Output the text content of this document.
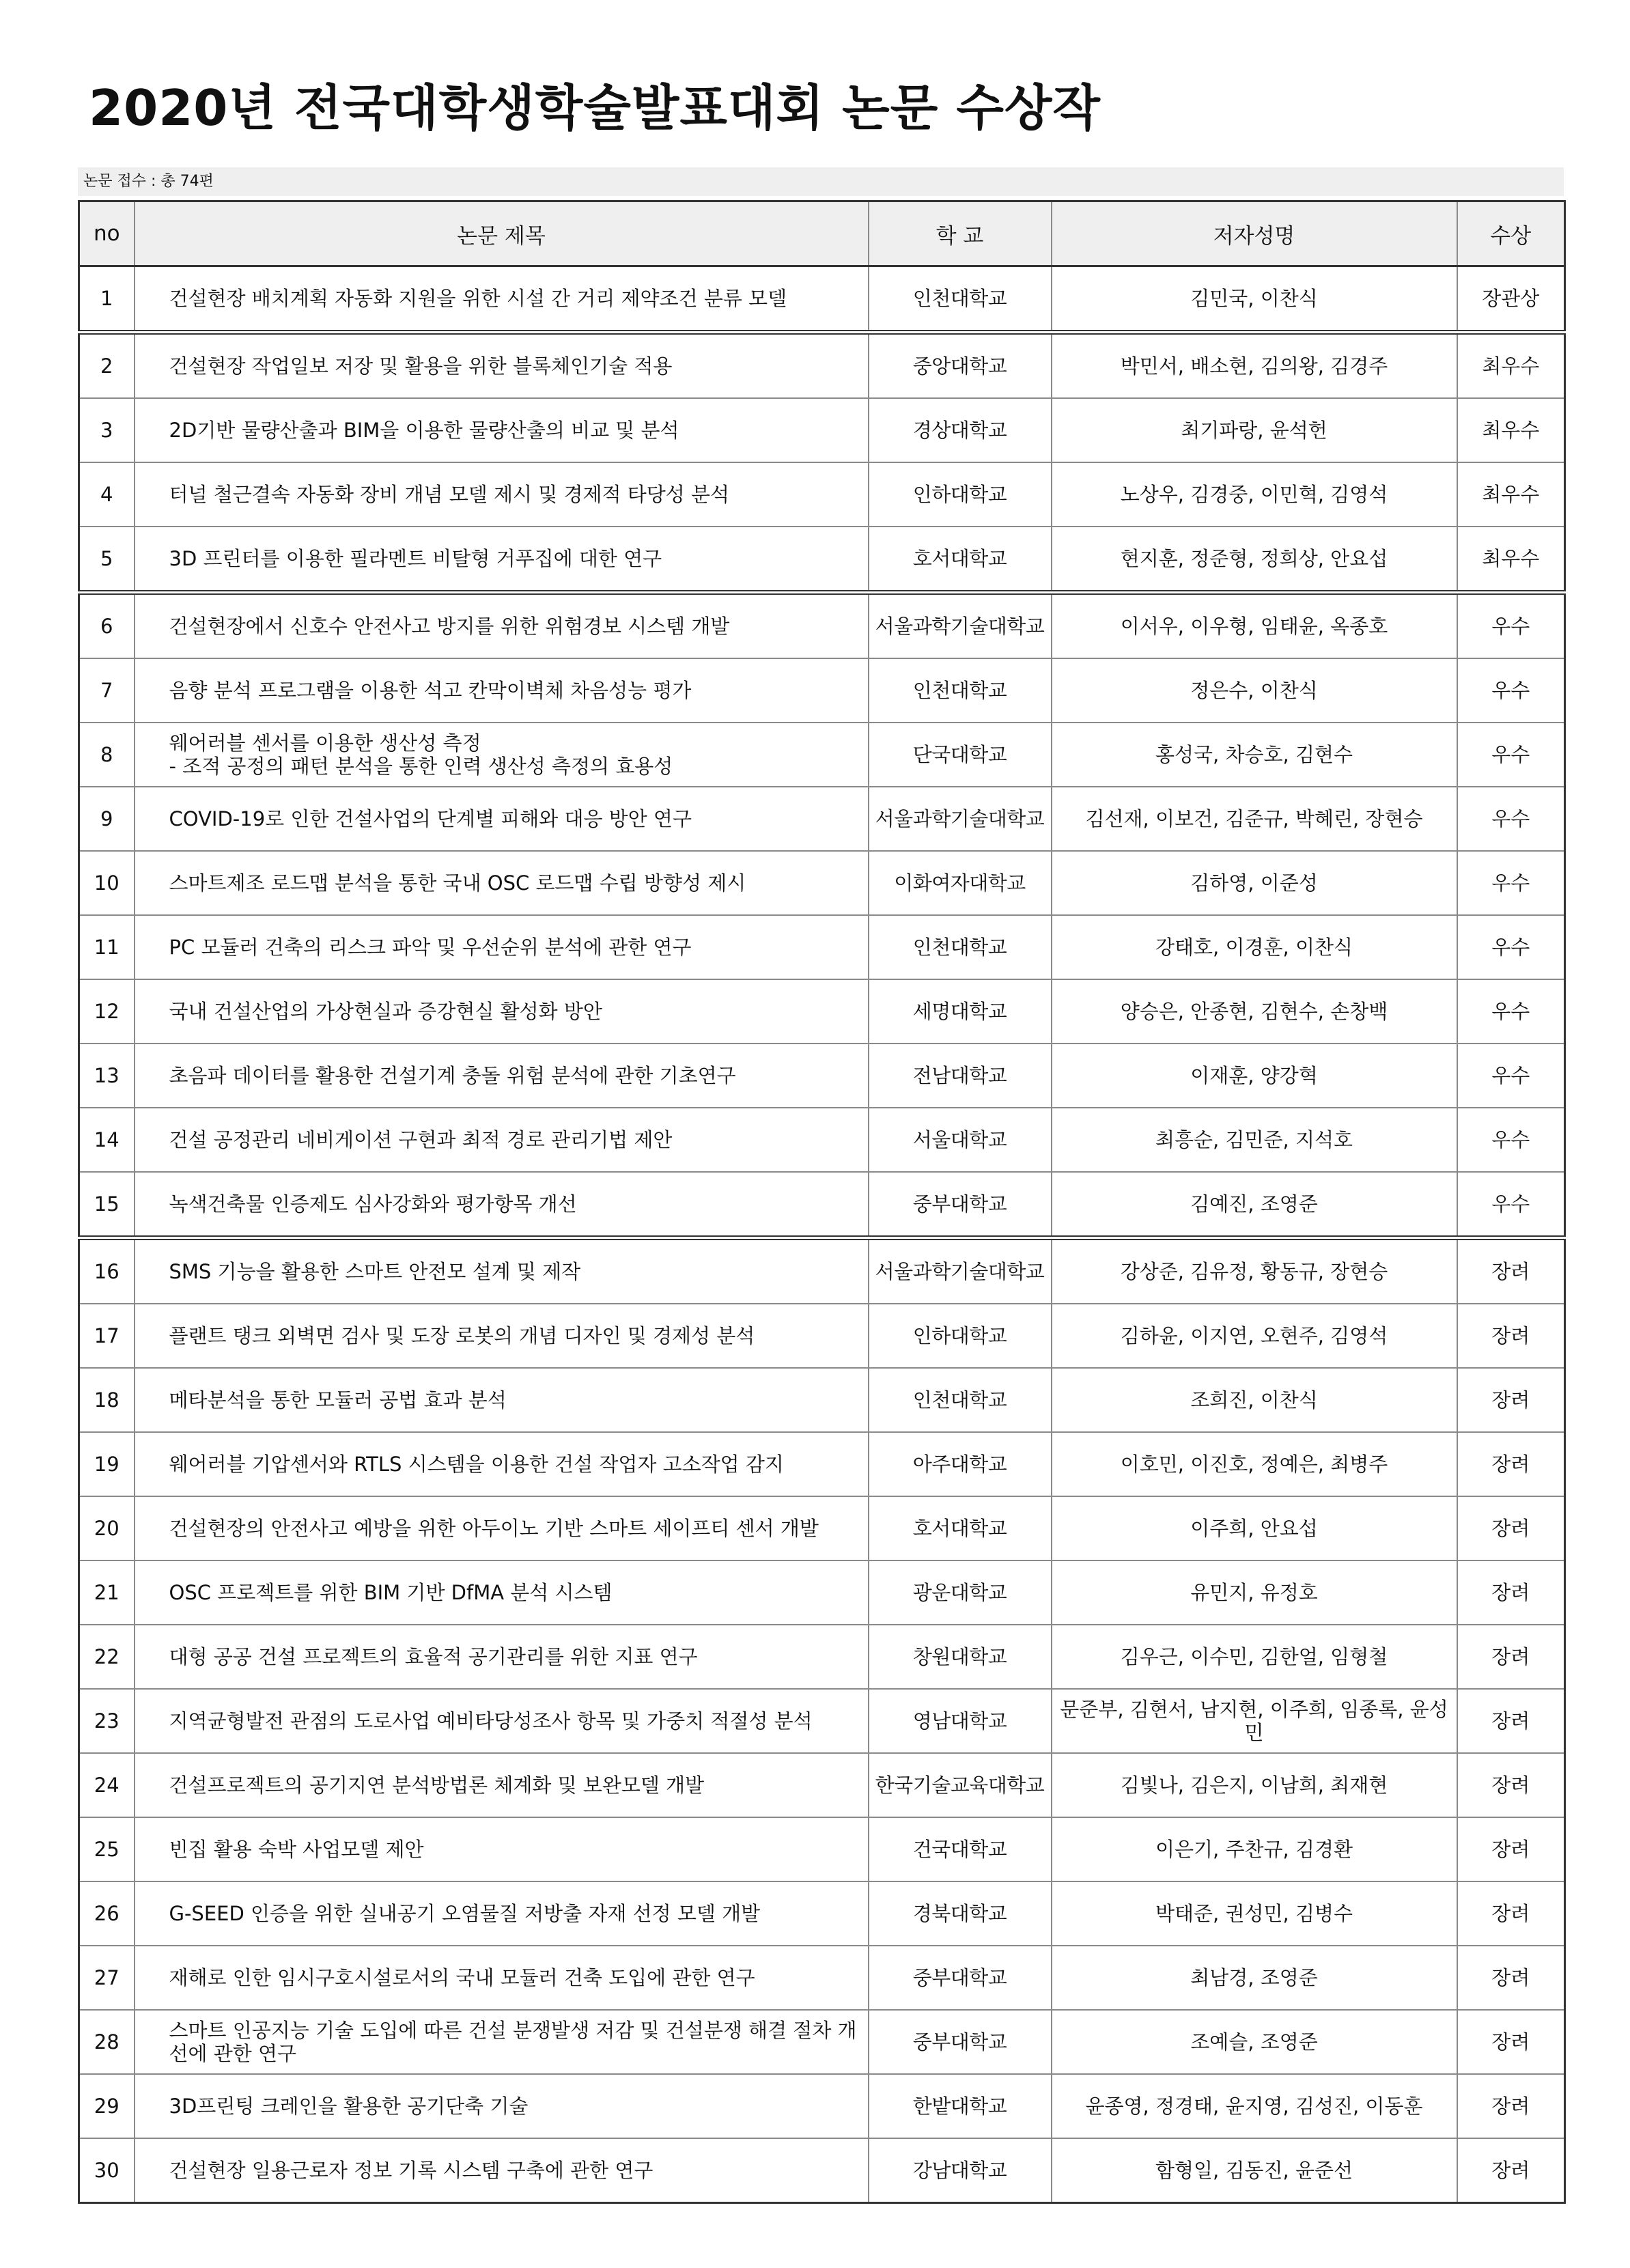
2020년 전국대학생학술발표대회 논문 수상작
논문 접수 : 총 74편
no	논문 제목	학 교	저자성명	수상
1	건설현장 배치계획 자동화 지원을 위한 시설 간 거리 제약조건 분류 모델	인천대학교	김민국, 이찬식	장관상
2	건설현장 작업일보 저장 및 활용을 위한 블록체인기술 적용	중앙대학교	박민서, 배소현, 김의왕, 김경주	최우수
3	2D기반 물량산출과 BIM을 이용한 물량산출의 비교 및 분석	경상대학교	최기파랑, 윤석헌	최우수
4	터널 철근결속 자동화 장비 개념 모델 제시 및 경제적 타당성 분석	인하대학교	노상우, 김경중, 이민혁, 김영석	최우수
5	3D 프린터를 이용한 필라멘트 비탈형 거푸집에 대한 연구	호서대학교	현지훈, 정준형, 정희상, 안요섭	최우수
6	건설현장에서 신호수 안전사고 방지를 위한 위험경보 시스템 개발	서울과학기술대학교	이서우, 이우형, 임태윤, 옥종호	우수
7	음향 분석 프로그램을 이용한 석고 칸막이벽체 차음성능 평가	인천대학교	정은수, 이찬식	우수
8	웨어러블 센서를 이용한 생산성 측정
- 조적 공정의 패턴 분석을 통한 인력 생산성 측정의 효용성	단국대학교	홍성국, 차승호, 김현수	우수
9	COVID-19로 인한 건설사업의 단계별 피해와 대응 방안 연구	서울과학기술대학교	김선재, 이보건, 김준규, 박혜린, 장현승	우수
10	스마트제조 로드맵 분석을 통한 국내 OSC 로드맵 수립 방향성 제시	이화여자대학교	김하영, 이준성	우수
11	PC 모듈러 건축의 리스크 파악 및 우선순위 분석에 관한 연구	인천대학교	강태호, 이경훈, 이찬식	우수
12	국내 건설산업의 가상현실과 증강현실 활성화 방안	세명대학교	양승은, 안종현, 김현수, 손창백	우수
13	초음파 데이터를 활용한 건설기계 충돌 위험 분석에 관한 기초연구	전남대학교	이재훈, 양강혁	우수
14	건설 공정관리 네비게이션 구현과 최적 경로 관리기법 제안	서울대학교	최흥순, 김민준, 지석호	우수
15	녹색건축물 인증제도 심사강화와 평가항목 개선	중부대학교	김예진, 조영준	우수
16	SMS 기능을 활용한 스마트 안전모 설계 및 제작	서울과학기술대학교	강상준, 김유정, 황동규, 장현승	장려
17	플랜트 탱크 외벽면 검사 및 도장 로봇의 개념 디자인 및 경제성 분석	인하대학교	김하윤, 이지연, 오현주, 김영석	장려
18	메타분석을 통한 모듈러 공법 효과 분석	인천대학교	조희진, 이찬식	장려
19	웨어러블 기압센서와 RTLS 시스템을 이용한 건설 작업자 고소작업 감지	아주대학교	이호민, 이진호, 정예은, 최병주	장려
20	건설현장의 안전사고 예방을 위한 아두이노 기반 스마트 세이프티 센서 개발	호서대학교	이주희, 안요섭	장려
21	OSC 프로젝트를 위한 BIM 기반 DfMA 분석 시스템	광운대학교	유민지, 유정호	장려
22	대형 공공 건설 프로젝트의 효율적 공기관리를 위한 지표 연구	창원대학교	김우근, 이수민, 김한얼, 임형철	장려
23	지역균형발전 관점의 도로사업 예비타당성조사 항목 및 가중치 적절성 분석	영남대학교	문준부, 김현서, 남지현, 이주희, 임종록, 윤성민	장려
24	건설프로젝트의 공기지연 분석방법론 체계화 및 보완모델 개발	한국기술교육대학교	김빛나, 김은지, 이남희, 최재현	장려
25	빈집 활용 숙박 사업모델 제안	건국대학교	이은기, 주찬규, 김경환	장려
26	G-SEED 인증을 위한 실내공기 오염물질 저방출 자재 선정 모델 개발	경북대학교	박태준, 권성민, 김병수	장려
27	재해로 인한 임시구호시설로서의 국내 모듈러 건축 도입에 관한 연구	중부대학교	최남경, 조영준	장려
28	스마트 인공지능 기술 도입에 따른 건설 분쟁발생 저감 및 건설분쟁 해결 절차 개선에 관한 연구	중부대학교	조예슬, 조영준	장려
29	3D프린팅 크레인을 활용한 공기단축 기술	한밭대학교	윤종영, 정경태, 윤지영, 김성진, 이동훈	장려
30	건설현장 일용근로자 정보 기록 시스템 구축에 관한 연구	강남대학교	함형일, 김동진, 윤준선	장려
